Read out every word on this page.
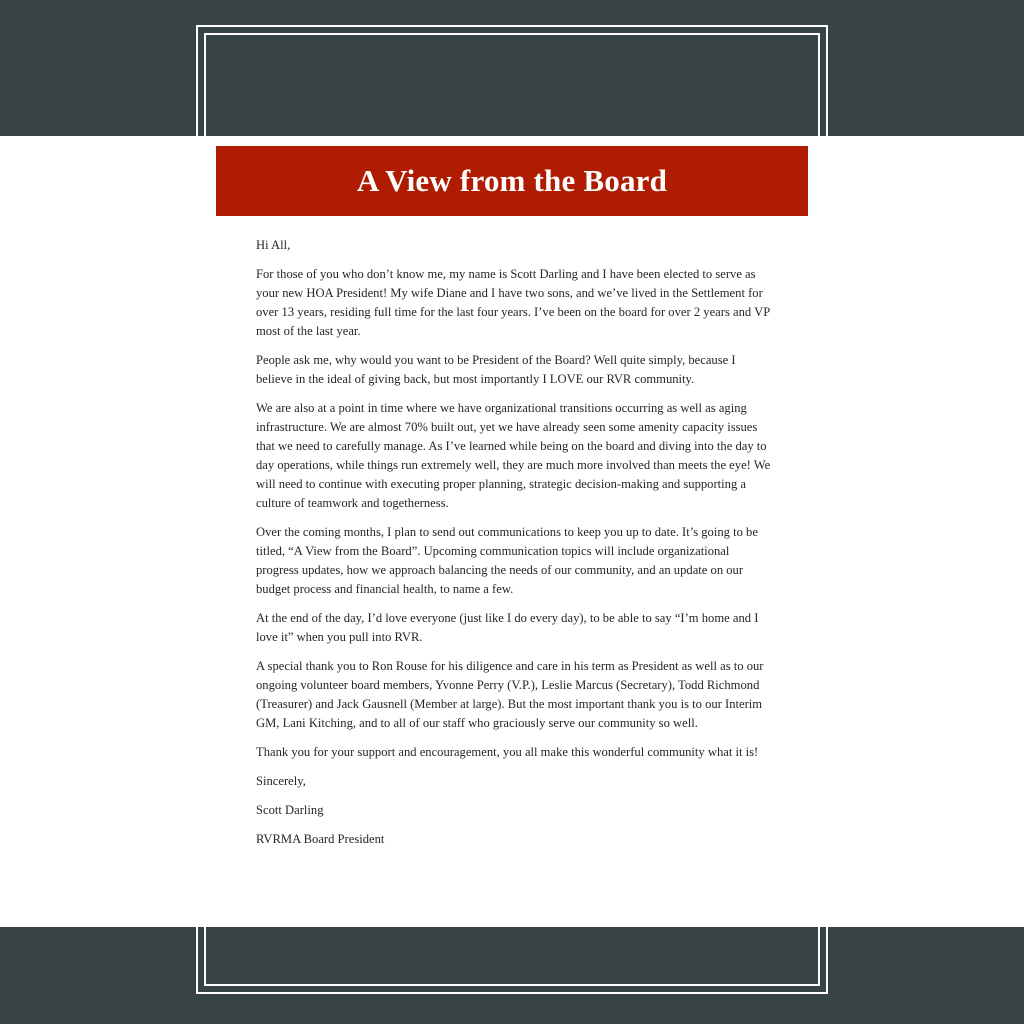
A View from the Board

Hi All,

For those of you who don’t know me, my name is Scott Darling and I have been elected to serve as your new HOA President! My wife Diane and I have two sons, and we’ve lived in the Settlement for over 13 years, residing full time for the last four years. I’ve been on the board for over 2 years and VP most of the last year.

People ask me, why would you want to be President of the Board? Well quite simply, because I believe in the ideal of giving back, but most importantly I LOVE our RVR community.

We are also at a point in time where we have organizational transitions occurring as well as aging infrastructure. We are almost 70% built out, yet we have already seen some amenity capacity issues that we need to carefully manage. As I’ve learned while being on the board and diving into the day to day operations, while things run extremely well, they are much more involved than meets the eye! We will need to continue with executing proper planning, strategic decision-making and supporting a culture of teamwork and togetherness.

Over the coming months, I plan to send out communications to keep you up to date. It’s going to be titled, “A View from the Board”. Upcoming communication topics will include organizational progress updates, how we approach balancing the needs of our community, and an update on our budget process and financial health, to name a few.

At the end of the day, I’d love everyone (just like I do every day), to be able to say “I’m home and I love it” when you pull into RVR.

A special thank you to Ron Rouse for his diligence and care in his term as President as well as to our ongoing volunteer board members, Yvonne Perry (V.P.), Leslie Marcus (Secretary), Todd Richmond (Treasurer) and Jack Gausnell (Member at large). But the most important thank you is to our Interim GM, Lani Kitching, and to all of our staff who graciously serve our community so well.

Thank you for your support and encouragement, you all make this wonderful community what it is!

Sincerely,

Scott Darling

RVRMA Board President
